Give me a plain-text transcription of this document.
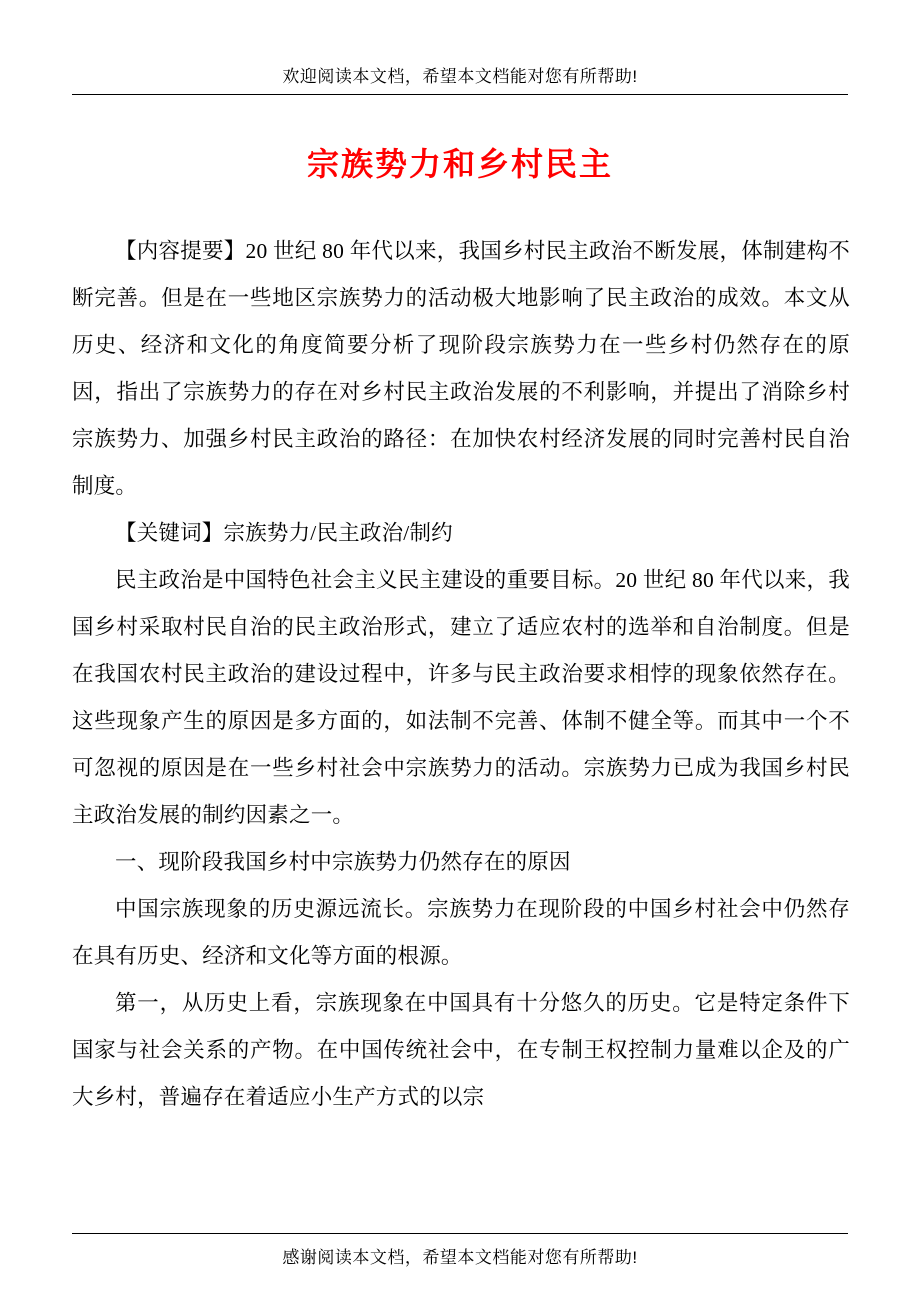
欢迎阅读本文档，希望本文档能对您有所帮助!
宗族势力和乡村民主

【内容提要】20 世纪 80 年代以来，我国乡村民主政治不断发展，体制建构不断完善。但是在一些地区宗族势力的活动极大地影响了民主政治的成效。本文从历史、经济和文化的角度简要分析了现阶段宗族势力在一些乡村仍然存在的原因，指出了宗族势力的存在对乡村民主政治发展的不利影响，并提出了消除乡村宗族势力、加强乡村民主政治的路径：在加快农村经济发展的同时完善村民自治制度。

【关键词】宗族势力/民主政治/制约

民主政治是中国特色社会主义民主建设的重要目标。20 世纪 80 年代以来，我国乡村采取村民自治的民主政治形式，建立了适应农村的选举和自治制度。但是在我国农村民主政治的建设过程中，许多与民主政治要求相悖的现象依然存在。这些现象产生的原因是多方面的，如法制不完善、体制不健全等。而其中一个不可忽视的原因是在一些乡村社会中宗族势力的活动。宗族势力已成为我国乡村民主政治发展的制约因素之一。

一、现阶段我国乡村中宗族势力仍然存在的原因

中国宗族现象的历史源远流长。宗族势力在现阶段的中国乡村社会中仍然存在具有历史、经济和文化等方面的根源。

第一，从历史上看，宗族现象在中国具有十分悠久的历史。它是特定条件下国家与社会关系的产物。在中国传统社会中，在专制王权控制力量难以企及的广大乡村，普遍存在着适应小生产方式的以宗

感谢阅读本文档，希望本文档能对您有所帮助!
